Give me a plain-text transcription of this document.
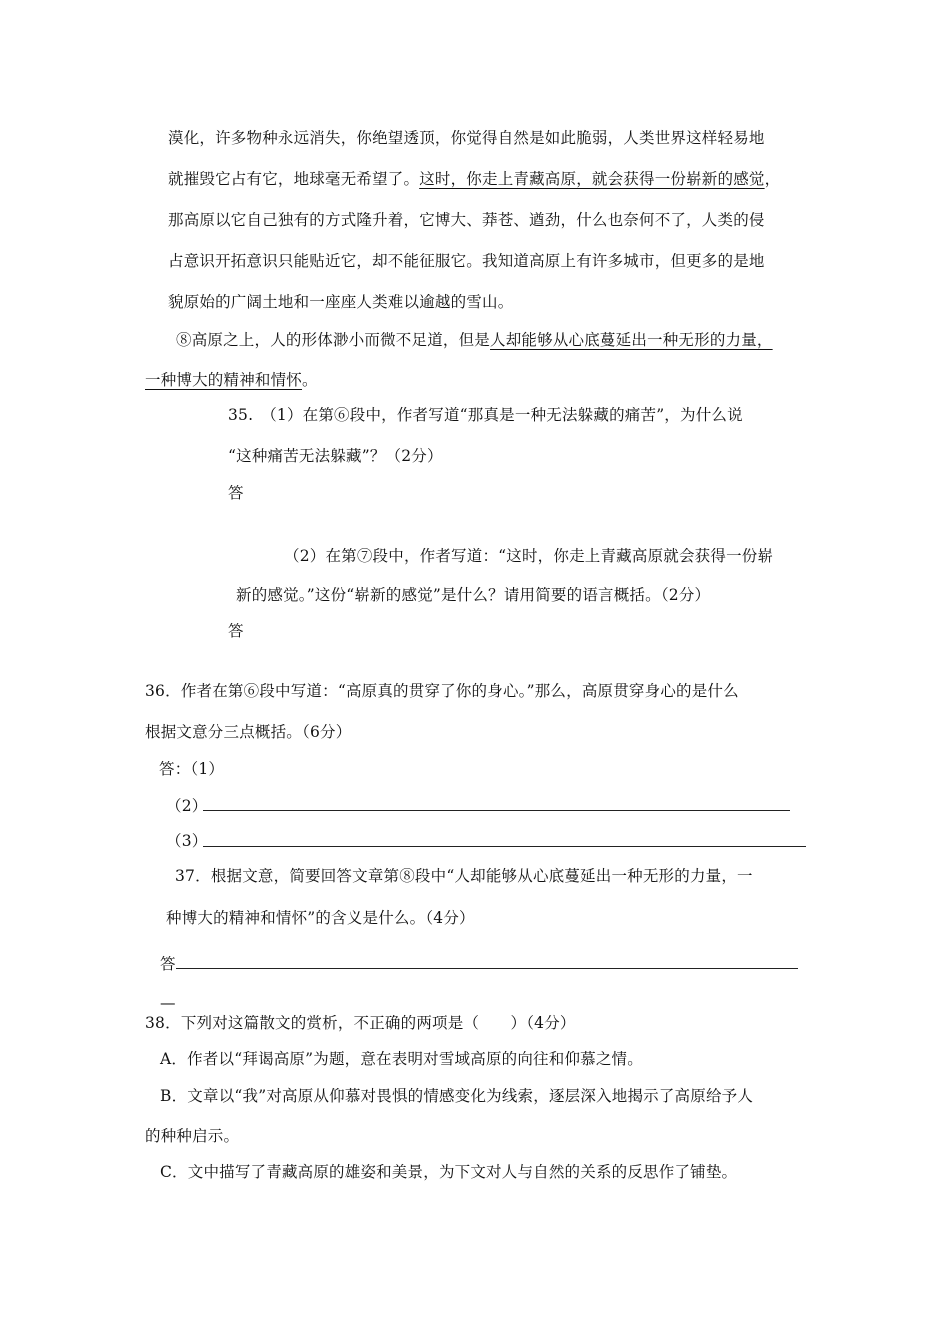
漠化，许多物种永远消失，你绝望透顶，你觉得自然是如此脆弱，人类世界这样轻易地
就摧毁它占有它，地球毫无希望了。这时，你走上青藏高原，就会获得一份崭新的感觉，
那高原以它自己独有的方式隆升着，它博大、莽苍、遒劲，什么也奈何不了，人类的侵
占意识开拓意识只能贴近它，却不能征服它。我知道高原上有许多城市，但更多的是地
貌原始的广阔土地和一座座人类难以逾越的雪山。
⑧高原之上，人的形体渺小而微不足道，但是人却能够从心底蔓延出一种无形的力量，
一种博大的精神和情怀。
35.　（1）在第⑥段中，作者写道“那真是一种无法躲藏的痛苦”，为什么说
“这种痛苦无法躲藏”？（2分）
答
（2）在第⑦段中，作者写道：“这时，你走上青藏高原就会获得一份崭
新的感觉。”这份“崭新的感觉”是什么？请用简要的语言概括。（2分）
答
36．作者在第⑥段中写道：“高原真的贯穿了你的身心。”那么，高原贯穿身心的是什么
根据文意分三点概括。（6分）
答：（1）
（2）
（3）
37．根据文意，简要回答文章第⑧段中“人却能够从心底蔓延出一种无形的力量，一
种博大的精神和情怀”的含义是什么。（4分）
答
—
38．下列对这篇散文的赏析，不正确的两项是（　　）（4分）
A．作者以“拜谒高原”为题，意在表明对雪域高原的向往和仰慕之情。
B．文章以“我”对高原从仰慕对畏惧的情感变化为线索，逐层深入地揭示了高原给予人
的种种启示。
C．文中描写了青藏高原的雄姿和美景，为下文对人与自然的关系的反思作了铺垫。
